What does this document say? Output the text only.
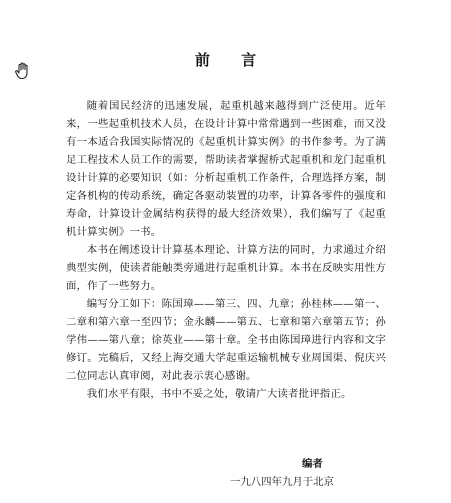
前 言

随着国民经济的迅速发展，起重机越来越得到广泛使用。近年来，一些起重机技术人员，在设计计算中常常遇到一些困难，而又没有一本适合我国实际情况的《起重机计算实例》的书作参考。为了满足工程技术人员工作的需要，帮助读者掌握桥式起重机和龙门起重机设计计算的必要知识（如：分析起重机工作条件，合理选择方案，制定各机构的传动系统，确定各驱动装置的功率，计算各零件的强度和寿命，计算设计金属结构获得的最大经济效果），我们编写了《起重机计算实例》一书。

本书在阐述设计计算基本理论、计算方法的同时，力求通过介绍典型实例，使读者能触类旁通进行起重机计算。本书在反映实用性方面，作了一些努力。

编写分工如下：陈国璋——第三、四、九章；孙桂林——第一、二章和第六章一至四节；金永麟——第五、七章和第六章第五节；孙学伟——第八章；徐英业——第十章。全书由陈国璋进行内容和文字修订。完稿后，又经上海交通大学起重运输机械专业周国渠、倪庆兴二位同志认真审阅，对此表示衷心感谢。

我们水平有限，书中不妥之处，敬请广大读者批评指正。

编者
一九八四年九月于北京
